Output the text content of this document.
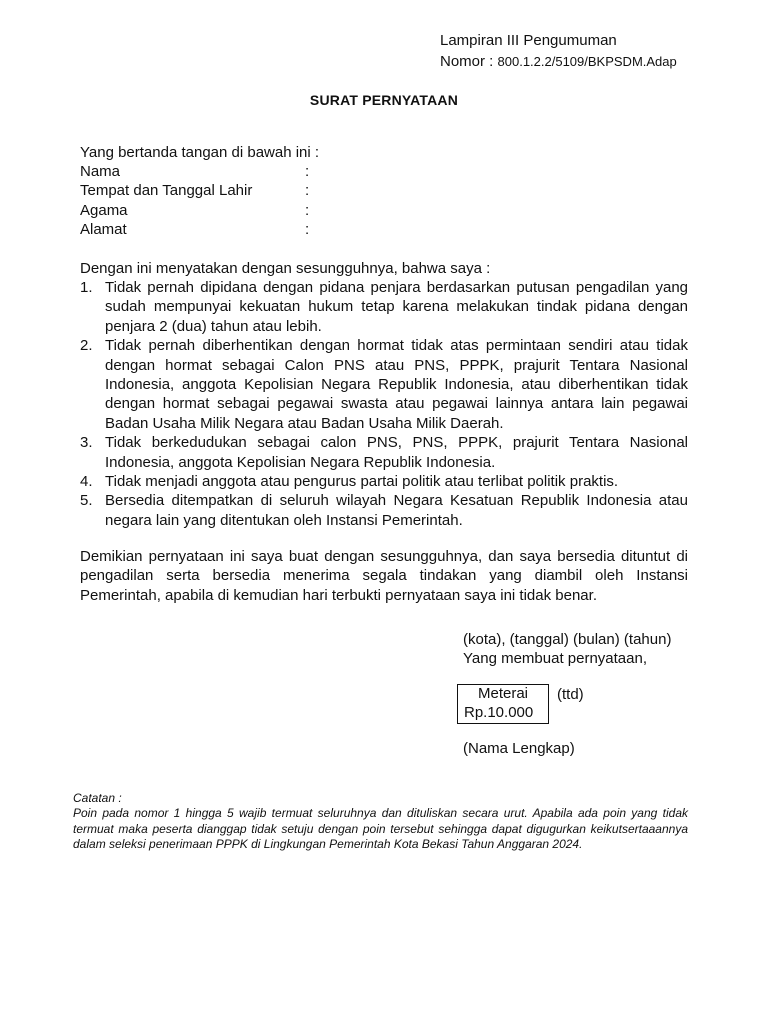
Lampiran III Pengumuman
Nomor : 800.1.2.2/5109/BKPSDM.Adap
SURAT PERNYATAAN
Yang bertanda tangan di bawah ini :
Nama	:
Tempat dan Tanggal Lahir	:
Agama	:
Alamat	:
Dengan ini menyatakan dengan sesungguhnya, bahwa saya :
1. Tidak pernah dipidana dengan pidana penjara berdasarkan putusan pengadilan yang sudah mempunyai kekuatan hukum tetap karena melakukan tindak pidana dengan penjara 2 (dua) tahun atau lebih.
2. Tidak pernah diberhentikan dengan hormat tidak atas permintaan sendiri atau tidak dengan hormat sebagai Calon PNS atau PNS, PPPK, prajurit Tentara Nasional Indonesia, anggota Kepolisian Negara Republik Indonesia, atau diberhentikan tidak dengan hormat sebagai pegawai swasta atau pegawai lainnya antara lain pegawai Badan Usaha Milik Negara atau Badan Usaha Milik Daerah.
3. Tidak berkedudukan sebagai calon PNS, PNS, PPPK, prajurit Tentara Nasional Indonesia, anggota Kepolisian Negara Republik Indonesia.
4. Tidak menjadi anggota atau pengurus partai politik atau terlibat politik praktis.
5. Bersedia ditempatkan di seluruh wilayah Negara Kesatuan Republik Indonesia atau negara lain yang ditentukan oleh Instansi Pemerintah.
Demikian pernyataan ini saya buat dengan sesungguhnya, dan saya bersedia dituntut di pengadilan serta bersedia menerima segala tindakan yang diambil oleh Instansi Pemerintah, apabila di kemudian hari terbukti pernyataan saya ini tidak benar.
(kota), (tanggal) (bulan) (tahun)
Yang membuat pernyataan,
Meterai
Rp.10.000
(ttd)
(Nama Lengkap)
Catatan :
Poin pada nomor 1 hingga 5 wajib termuat seluruhnya dan dituliskan secara urut. Apabila ada poin yang tidak termuat maka peserta dianggap tidak setuju dengan poin tersebut sehingga dapat digugurkan keikutsertaaannya dalam seleksi penerimaan PPPK di Lingkungan Pemerintah Kota Bekasi Tahun Anggaran 2024.
